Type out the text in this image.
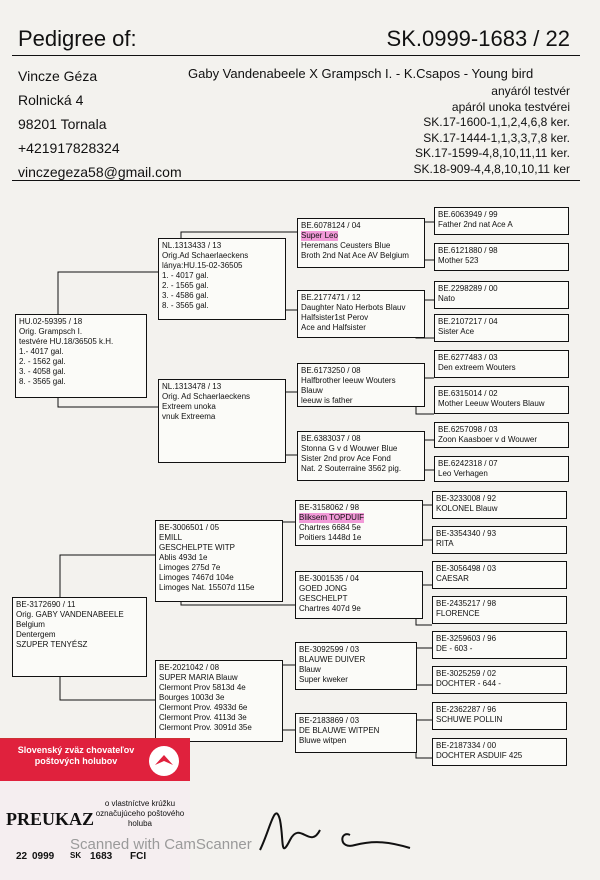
Pedigree of:	SK.0999-1683 / 22
Vincze Géza
Rolnická 4
98201 Tornala
+421917828324
vinczegeza58@gmail.com
Gaby Vandenabeele X Grampsch I. - K.Csapos - Young bird
anyáról testvér
apáról unoka testvérei
SK.17-1600-1,1,2,4,6,8 ker.
SK.17-1444-1,1,3,3,7,8 ker.
SK.17-1599-4,8,10,11,11 ker.
SK.18-909-4,4,8,10,10,11 ker
HU.02-59395 / 18
Orig. Grampsch I.
testvére HU.18/36505 k.H.
1.- 4017 gal.
2. - 1562 gal.
3. - 4058 gal.
8. - 3565 gal.
NL.1313433 / 13
Orig.Ad Schaerlaeckens
lánya:HU.15-02-36505
1. - 4017 gal.
2. - 1565 gal.
3. - 4586 gal.
8. - 3565 gal.
NL.1313478 / 13
Orig. Ad Schaerlaeckens
Extreem unoka
vnuk Extreema
BE.6078124 / 04
Super Leo
Heremans Ceusters Blue
Broth 2nd Nat Ace AV Belgium
BE.2177471 / 12
Daughter Nato Herbots Blauv
Halfsister1st Perov
Ace and Halfsister
BE.6173250 / 08
Halfbrother leeuw Wouters
Blauw
leeuw is father
BE.6383037 / 08
Stonna G v d Wouwer Blue
Sister 2nd prov Ace Fond
Nat. 2 Souterraine 3562 pig.
BE.6063949 / 99
Father 2nd nat Ace A
BE.6121880 / 98
Mother 523
BE.2298289 / 00
Nato
BE.2107217 / 04
Sister Ace
BE.6277483 / 03
Den extreem Wouters
BE.6315014 / 02
Mother Leeuw Wouters Blauw
BE.6257098 / 03
Zoon Kaasboer v d Wouwer
BE.6242318 / 07
Leo Verhagen
BE-3172690 / 11
Orig. GABY VANDENABEELE
Belgium
Dentergem
SZUPER TENYÉSZ
BE-3006501 / 05
EMILL
GESCHELPTE WITP
Ablis 493d 1e
Limoges 275d 7e
Limoges 7467d 104e
Limoges Nat. 15507d 115e
BE-2021042 / 08
SUPER MARIA Blauw
Clermont Prov 5813d 4e
Bourges 1003d 3e
Clermont Prov. 4933d 6e
Clermont Prov. 4113d 3e
Clermont Prov. 3091d 35e
BE-3158062 / 98
Bliksem TOPDUIF
Chartres 6684 5e
Poitiers 1448d 1e
BE-3001535 / 04
GOED JONG
GESCHELPT
Chartres 407d 9e
BE-3092599 / 03
BLAUWE DUIVER
Blauw
Super kweker
BE-2183869 / 03
DE BLAUWE WITPEN
Bluwe witpen
BE-3233008 / 92
KOLONEL Blauw
BE-3354340 / 93
RITA
BE-3056498 / 03
CAESAR
BE-2435217 / 98
FLORENCE
BE-3259603 / 96
DE - 603 -
BE-3025259 / 02
DOCHTER - 644 -
BE-2362287 / 96
SCHUWE POLLIN
BE-2187334 / 00
DOCHTER ASDUIF 425
Slovenský zväz chovateľov poštových holubov
PREUKAZ
o vlastníctve krúžku označujúceho poštového holuba
22 0999 SK 1683 FCI
Scanned with CamScanner
